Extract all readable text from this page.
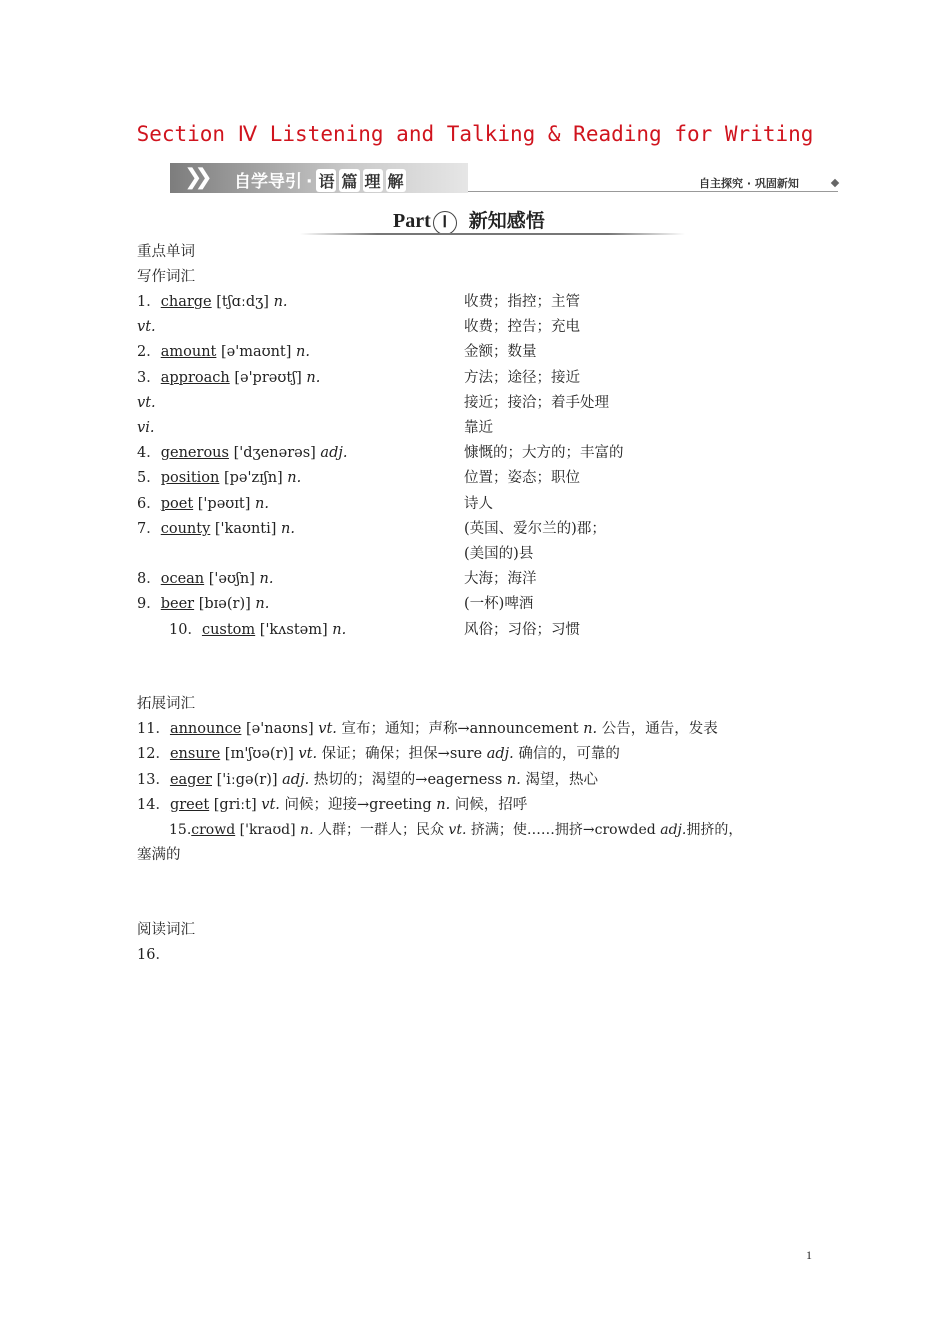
Section Ⅳ Listening and Talking & Reading for Writing
❯❯ 自学导引 · 语 篇 理 解	自主探究 · 巩固新知
Part Ⅰ 新知感悟
重点单词
写作词汇
1．charge [tʃɑːdʒ] n.	收费；指控；主管
vt.	收费；控告；充电
2．amount [ə'maʊnt] n.	金额；数量
3．approach [ə'prəʊtʃ] n.	方法；途径；接近
vt.	接近；接洽；着手处理
vi.	靠近
4．generous ['dʒenərəs] adj.	慷慨的；大方的；丰富的
5．position [pə'zɪʃn] n.	位置；姿态；职位
6．poet ['pəʊɪt] n.	诗人
7．county ['kaʊnti] n.	(英国、爱尔兰的)郡；
(美国的)县
8．ocean ['əʊʃn] n.	大海；海洋
9．beer [bɪə(r)] n.	(一杯)啤酒
10．custom ['kʌstəm] n.	风俗；习俗；习惯
拓展词汇
11．announce [ə'naʊns] vt. 宣布；通知；声称→announcement n. 公告，通告，发表
12．ensure [ɪn'ʃʊə(r)] vt. 保证；确保；担保→sure adj. 确信的，可靠的
13．eager ['iːgə(r)] adj. 热切的；渴望的→eagerness n. 渴望，热心
14．greet [griːt] vt. 问候；迎接→greeting n. 问候，招呼
15.crowd ['kraʊd] n. 人群；一群人；民众 vt. 挤满；使……拥挤→crowded adj.拥挤的，
塞满的
阅读词汇
16．
1
